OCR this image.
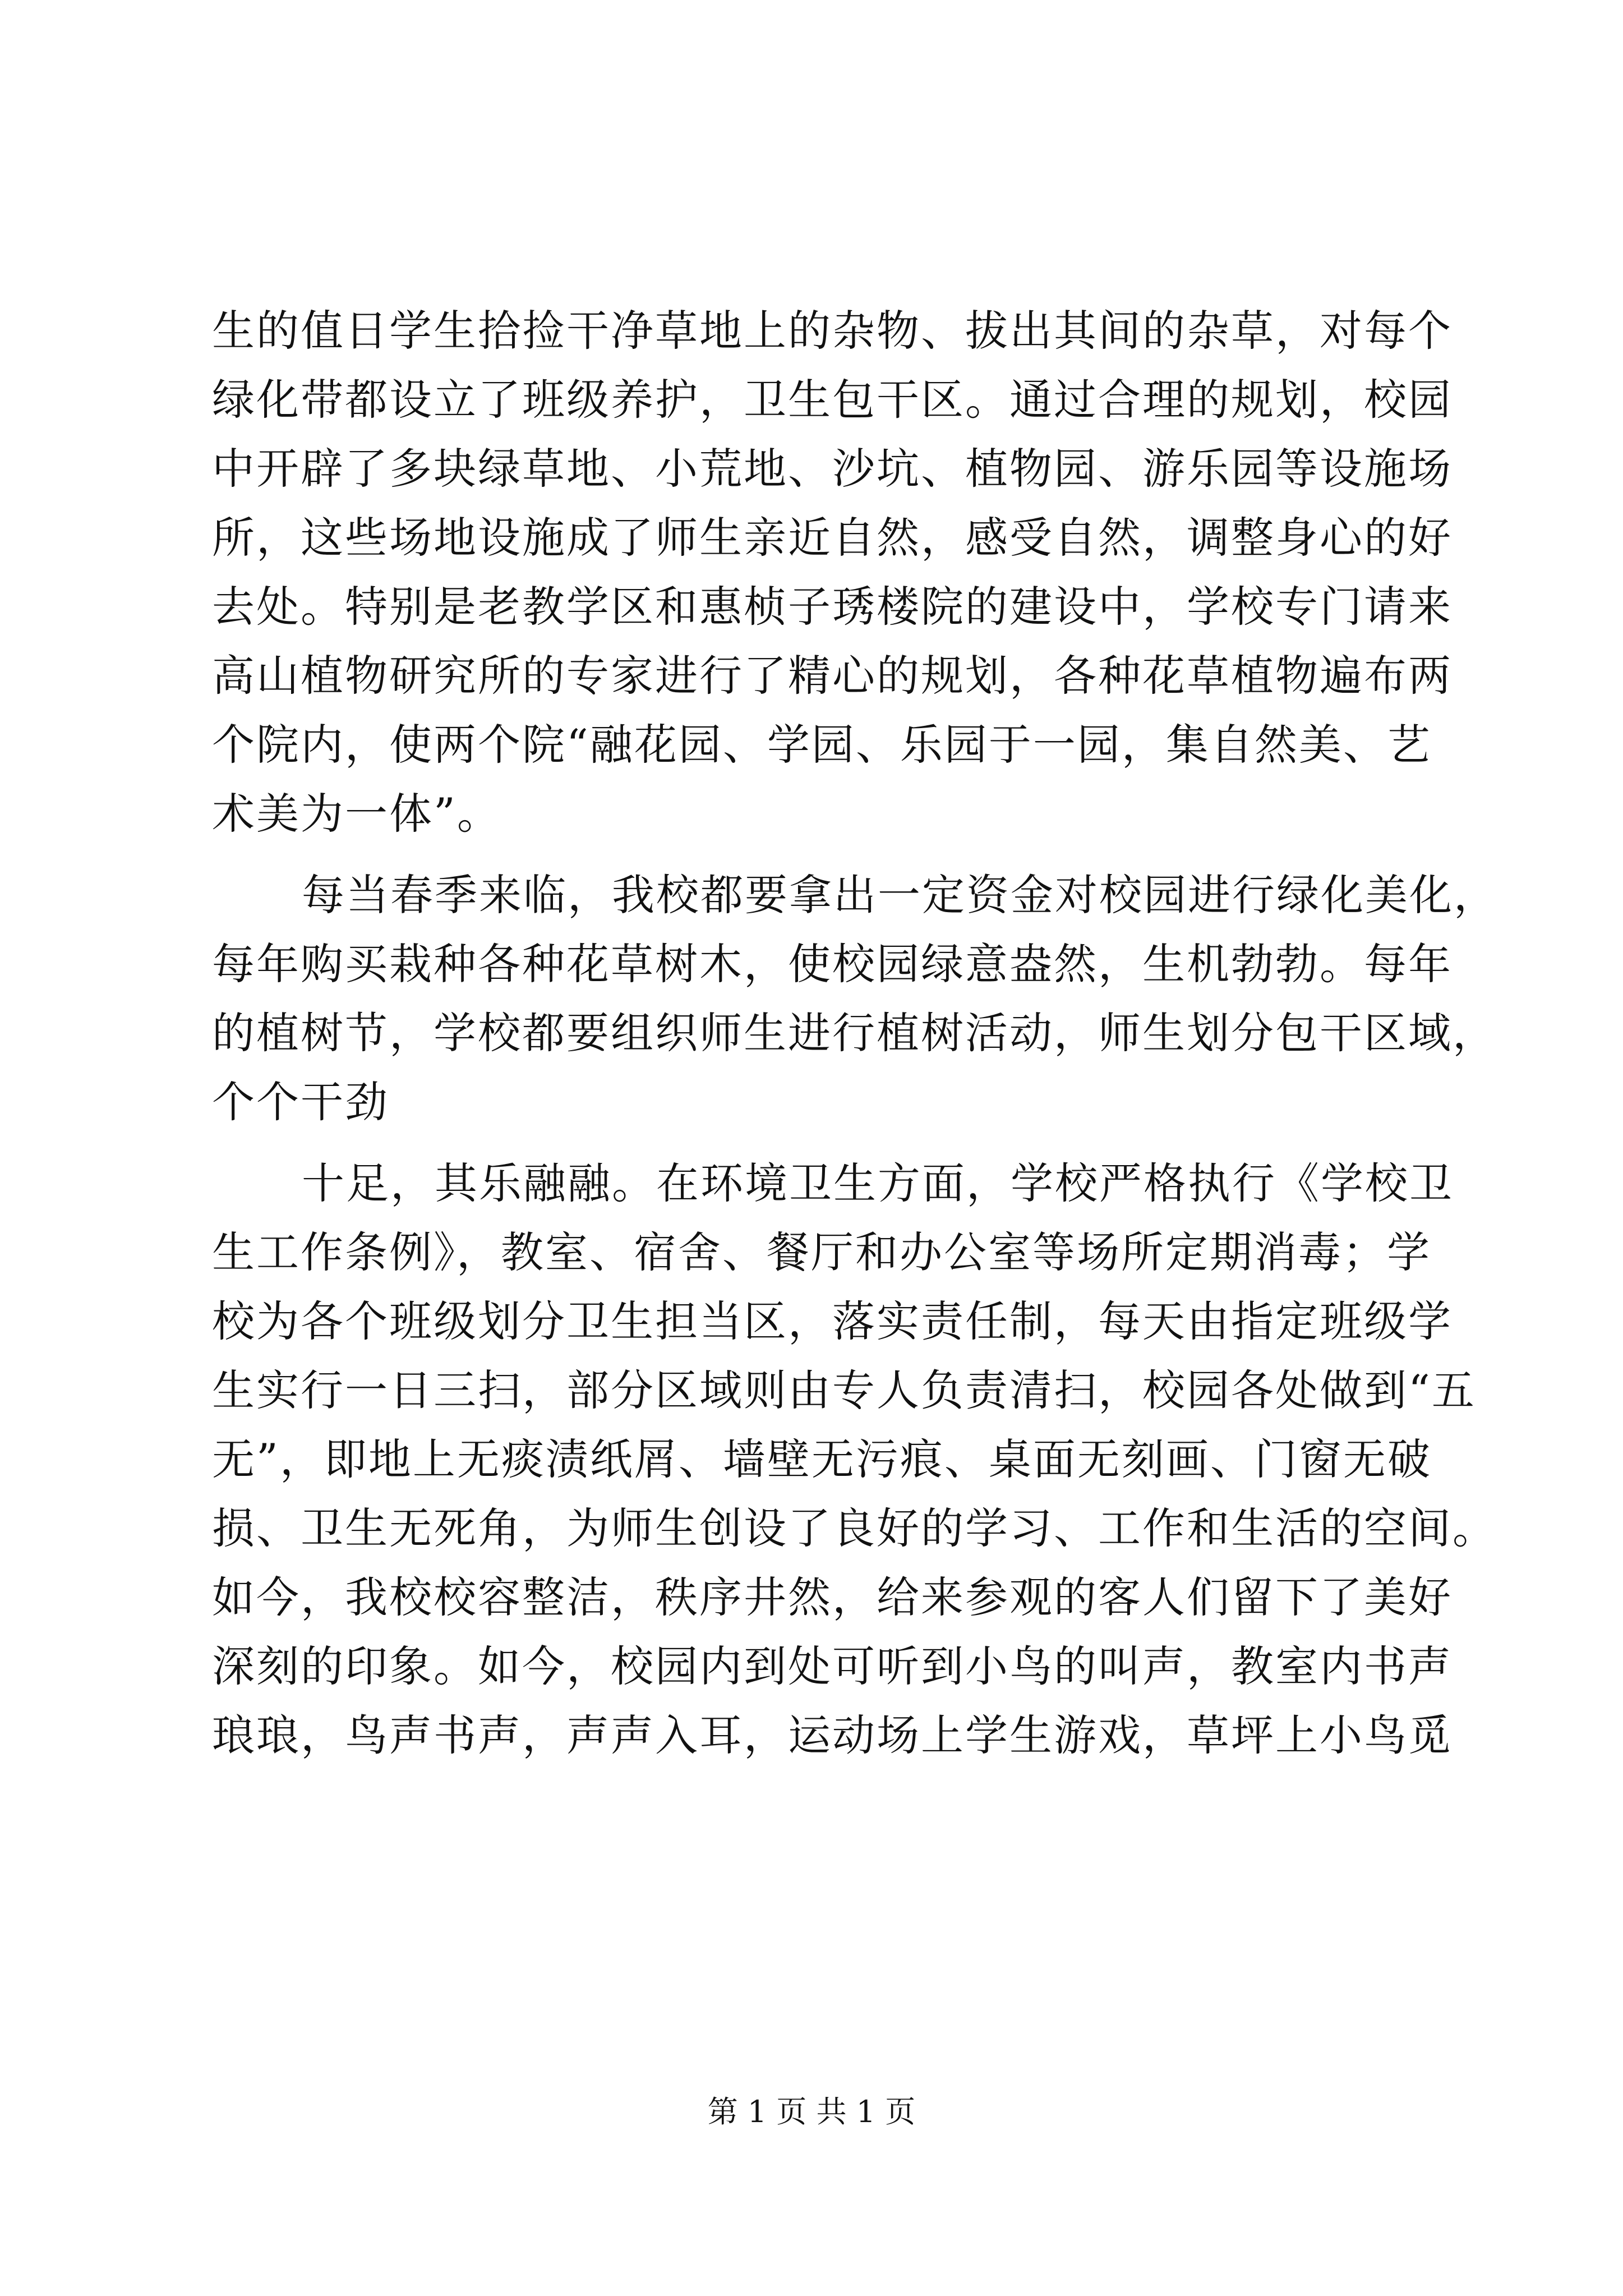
生的值日学生拾捡干净草地上的杂物、拔出其间的杂草，对每个
绿化带都设立了班级养护，卫生包干区。通过合理的规划，校园
中开辟了多块绿草地、小荒地、沙坑、植物园、游乐园等设施场
所，这些场地设施成了师生亲近自然，感受自然，调整身心的好
去处。特别是老教学区和惠桢子琇楼院的建设中，学校专门请来
高山植物研究所的专家进行了精心的规划，各种花草植物遍布两
个院内，使两个院“融花园、学园、乐园于一园，集自然美、艺
术美为一体”。
每当春季来临，我校都要拿出一定资金对校园进行绿化美化，
每年购买栽种各种花草树木，使校园绿意盎然，生机勃勃。每年
的植树节，学校都要组织师生进行植树活动，师生划分包干区域，
个个干劲
十足，其乐融融。在环境卫生方面，学校严格执行《学校卫
生工作条例》，教室、宿舍、餐厅和办公室等场所定期消毒；学
校为各个班级划分卫生担当区，落实责任制，每天由指定班级学
生实行一日三扫，部分区域则由专人负责清扫，校园各处做到“五
无”，即地上无痰渍纸屑、墙壁无污痕、桌面无刻画、门窗无破
损、卫生无死角，为师生创设了良好的学习、工作和生活的空间。
如今，我校校容整洁，秩序井然，给来参观的客人们留下了美好
深刻的印象。如今，校园内到处可听到小鸟的叫声，教室内书声
琅琅，鸟声书声，声声入耳，运动场上学生游戏，草坪上小鸟觅
第 1 页 共 1 页
